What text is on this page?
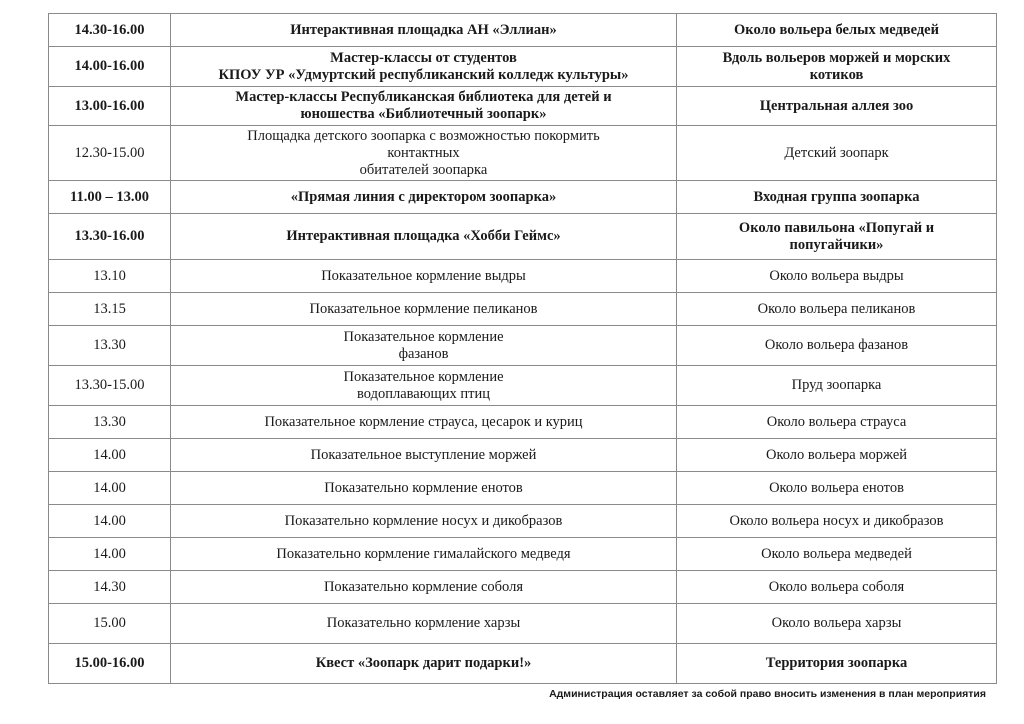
14.30-16.00	Интерактивная площадка АН «Эллиан»	Около вольера белых медведей

14.00-16.00	Мастер-классы от студентов
КПОУ УР «Удмуртский республиканский колледж культуры»	Вдоль вольеров моржей и морских
котиков

13.00-16.00	Мастер-классы Республиканская библиотека для детей и
юношества «Библиотечный зоопарк»	Центральная аллея зоо

12.30-15.00	Площадка детского зоопарка с возможностью покормить
контактных
обитателей зоопарка	Детский зоопарк

11.00 – 13.00	«Прямая линия с директором зоопарка»	Входная группа зоопарка

13.30-16.00	Интерактивная площадка «Хобби Геймс»	Около павильона «Попугай и
попугайчики»

13.10	Показательное кормление выдры	Около вольера выдры

13.15	Показательное кормление пеликанов	Около вольера пеликанов

13.30	Показательное кормление
фазанов	Около вольера фазанов

13.30-15.00	Показательное кормление
водоплавающих птиц	Пруд зоопарка

13.30	Показательное кормление страуса, цесарок и куриц	Около вольера страуса

14.00	Показательное выступление моржей	Около вольера моржей

14.00	Показательно кормление енотов	Около вольера енотов

14.00	Показательно кормление носух и дикобразов	Около вольера носух и дикобразов

14.00	Показательно кормление гималайского медведя	Около вольера медведей

14.30	Показательно кормление соболя	Около вольера соболя

15.00	Показательно кормление харзы	Около вольера харзы

15.00-16.00	Квест «Зоопарк дарит подарки!»	Территория зоопарка
Администрация оставляет за собой право вносить изменения в план мероприятия
